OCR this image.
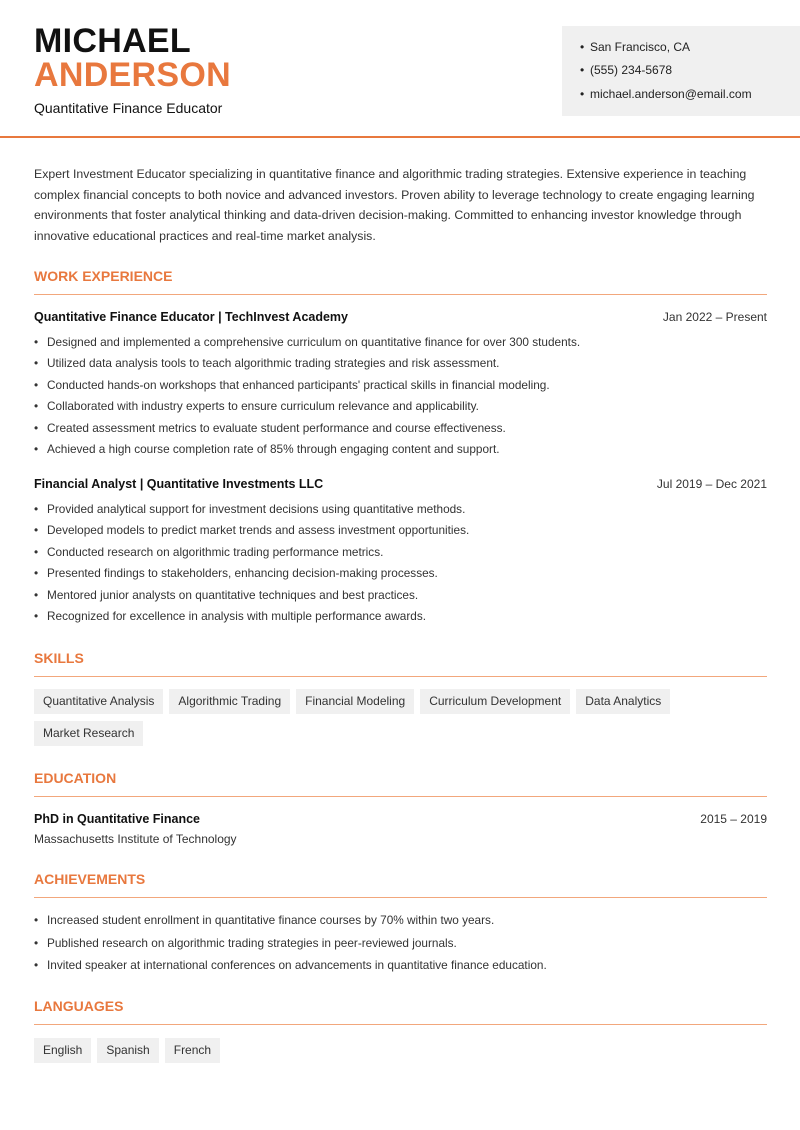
MICHAEL
ANDERSON
Quantitative Finance Educator
• San Francisco, CA
• (555) 234-5678
• michael.anderson@email.com
Expert Investment Educator specializing in quantitative finance and algorithmic trading strategies. Extensive experience in teaching complex financial concepts to both novice and advanced investors. Proven ability to leverage technology to create engaging learning environments that foster analytical thinking and data-driven decision-making. Committed to enhancing investor knowledge through innovative educational practices and real-time market analysis.
WORK EXPERIENCE
Quantitative Finance Educator | TechInvest Academy	Jan 2022 – Present
• Designed and implemented a comprehensive curriculum on quantitative finance for over 300 students.
• Utilized data analysis tools to teach algorithmic trading strategies and risk assessment.
• Conducted hands-on workshops that enhanced participants' practical skills in financial modeling.
• Collaborated with industry experts to ensure curriculum relevance and applicability.
• Created assessment metrics to evaluate student performance and course effectiveness.
• Achieved a high course completion rate of 85% through engaging content and support.
Financial Analyst | Quantitative Investments LLC	Jul 2019 – Dec 2021
• Provided analytical support for investment decisions using quantitative methods.
• Developed models to predict market trends and assess investment opportunities.
• Conducted research on algorithmic trading performance metrics.
• Presented findings to stakeholders, enhancing decision-making processes.
• Mentored junior analysts on quantitative techniques and best practices.
• Recognized for excellence in analysis with multiple performance awards.
SKILLS
Quantitative Analysis Algorithmic Trading Financial Modeling Curriculum Development Data Analytics
Market Research
EDUCATION
PhD in Quantitative Finance	2015 – 2019
Massachusetts Institute of Technology
ACHIEVEMENTS
• Increased student enrollment in quantitative finance courses by 70% within two years.
• Published research on algorithmic trading strategies in peer-reviewed journals.
• Invited speaker at international conferences on advancements in quantitative finance education.
LANGUAGES
English Spanish French
